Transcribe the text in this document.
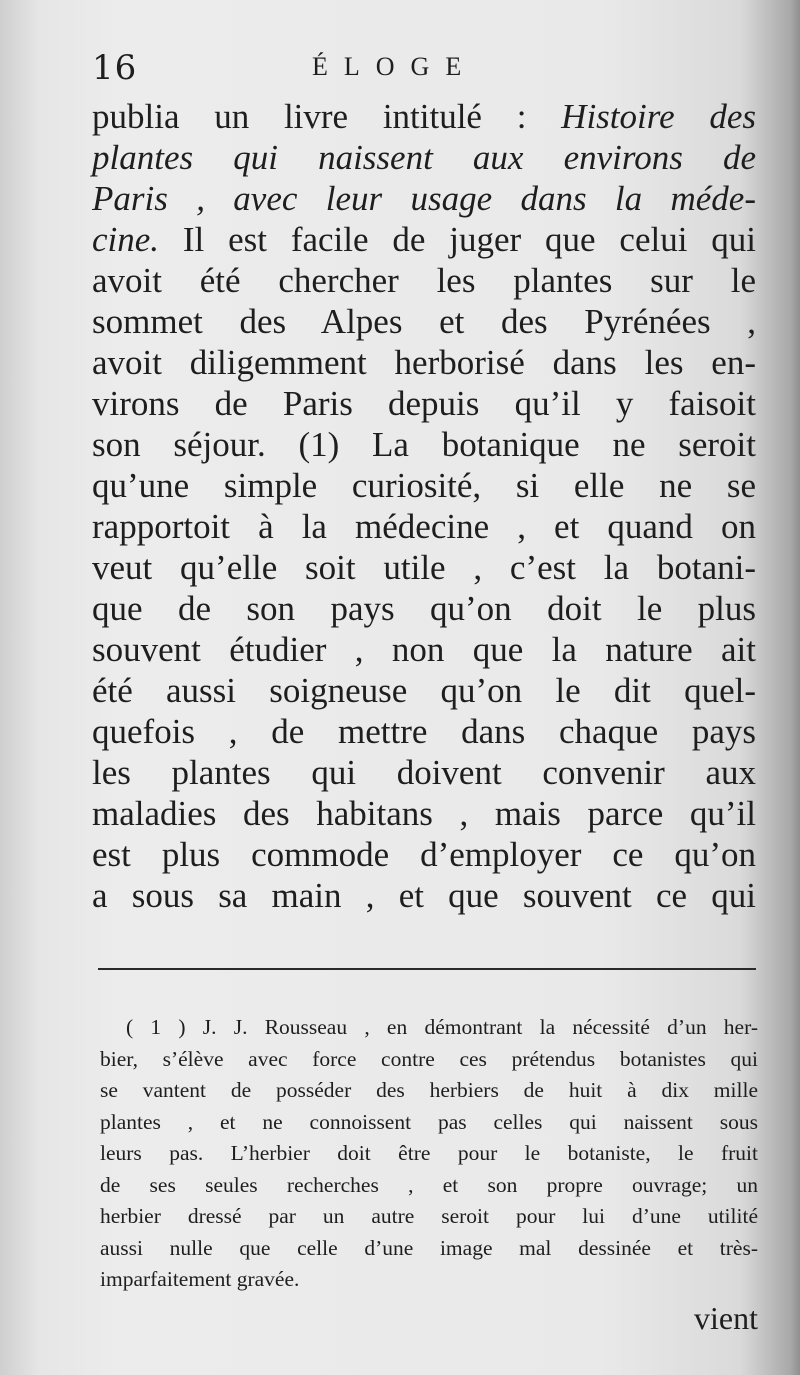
16	ÉLOGE
publia un livre intitulé : Histoire des
plantes qui naissent aux environs de
Paris , avec leur usage dans la méde-
cine. Il est facile de juger que celui qui
avoit été chercher les plantes sur le
sommet des Alpes et des Pyrénées ,
avoit diligemment herborisé dans les en-
virons de Paris depuis qu’il y faisoit
son séjour. (1) La botanique ne seroit
qu’une simple curiosité, si elle ne se
rapportoit à la médecine , et quand on
veut qu’elle soit utile , c’est la botani-
que de son pays qu’on doit le plus
souvent étudier , non que la nature ait
été aussi soigneuse qu’on le dit quel-
quefois , de mettre dans chaque pays
les plantes qui doivent convenir aux
maladies des habitans , mais parce qu’il
est plus commode d’employer ce qu’on
a sous sa main , et que souvent ce qui
( 1 ) J. J. Rousseau , en démontrant la nécessité d’un her-
bier, s’élève avec force contre ces prétendus botanistes qui
se vantent de posséder des herbiers de huit à dix mille
plantes , et ne connoissent pas celles qui naissent sous
leurs pas. L’herbier doit être pour le botaniste, le fruit
de ses seules recherches , et son propre ouvrage; un
herbier dressé par un autre seroit pour lui d’une utilité
aussi nulle que celle d’une image mal dessinée et très-
imparfaitement gravée.
vient
